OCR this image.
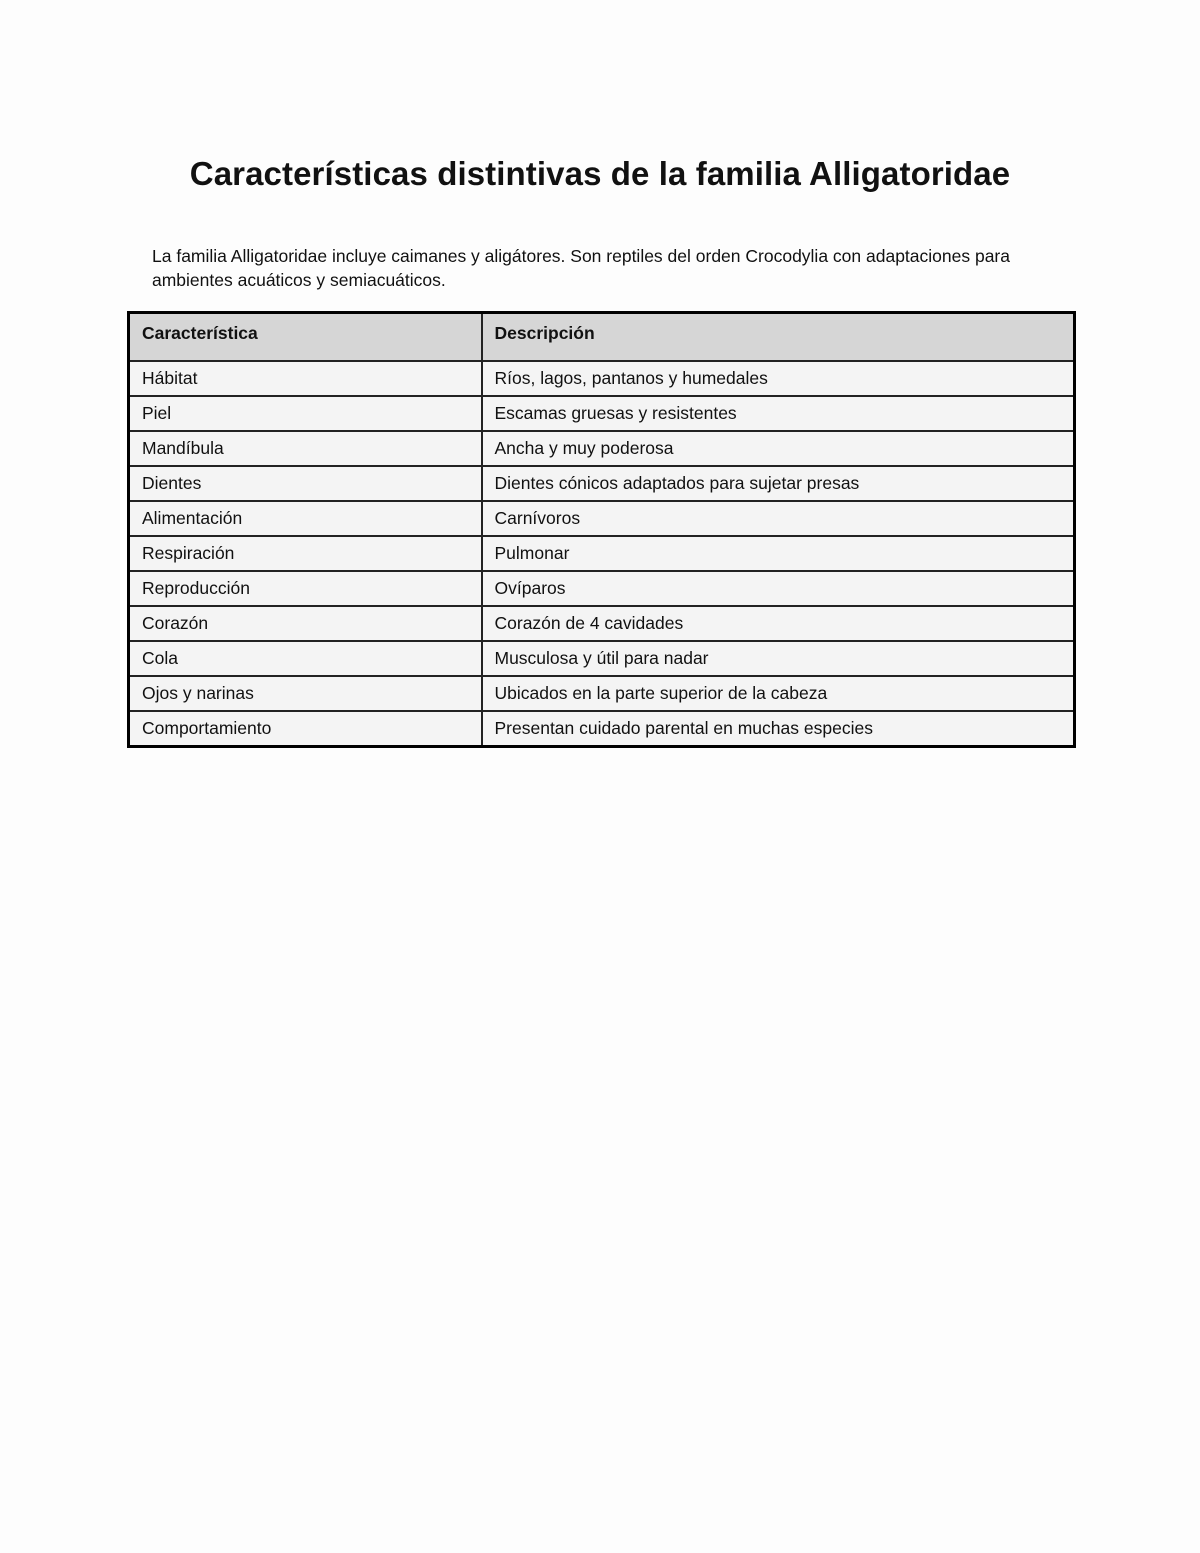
Características distintivas de la familia Alligatoridae

La familia Alligatoridae incluye caimanes y aligátores. Son reptiles del orden Crocodylia con adaptaciones para ambientes acuáticos y semiacuáticos.

Característica	Descripción
Hábitat	Ríos, lagos, pantanos y humedales
Piel	Escamas gruesas y resistentes
Mandíbula	Ancha y muy poderosa
Dientes	Dientes cónicos adaptados para sujetar presas
Alimentación	Carnívoros
Respiración	Pulmonar
Reproducción	Ovíparos
Corazón	Corazón de 4 cavidades
Cola	Musculosa y útil para nadar
Ojos y narinas	Ubicados en la parte superior de la cabeza
Comportamiento	Presentan cuidado parental en muchas especies
